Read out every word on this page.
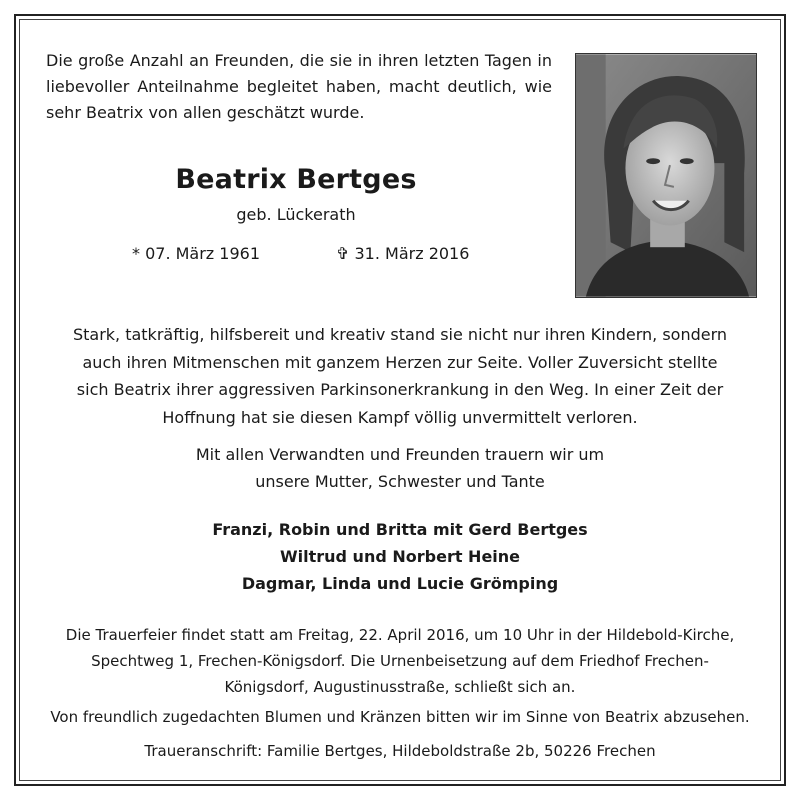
Die große Anzahl an Freunden, die sie in ihren letzten Tagen in liebevoller Anteilnahme begleitet haben, macht deutlich, wie sehr Beatrix von allen geschätzt wurde.

Beatrix Bertges

geb. Lückerath

* 07. März 1961	✞ 31. März 2016

Stark, tatkräftig, hilfsbereit und kreativ stand sie nicht nur ihren Kindern, sondern
auch ihren Mitmenschen mit ganzem Herzen zur Seite. Voller Zuversicht stellte
sich Beatrix ihrer aggressiven Parkinsonerkrankung in den Weg. In einer Zeit der
Hoffnung hat sie diesen Kampf völlig unvermittelt verloren.

Mit allen Verwandten und Freunden trauern wir um
unsere Mutter, Schwester und Tante

Franzi, Robin und Britta mit Gerd Bertges
Wiltrud und Norbert Heine
Dagmar, Linda und Lucie Grömping

Die Trauerfeier findet statt am Freitag, 22. April 2016, um 10 Uhr in der Hildebold-Kirche,
Spechtweg 1, Frechen-Königsdorf. Die Urnenbeisetzung auf dem Friedhof Frechen-
Königsdorf, Augustinusstraße, schließt sich an.

Von freundlich zugedachten Blumen und Kränzen bitten wir im Sinne von Beatrix abzusehen.

Traueranschrift: Familie Bertges, Hildeboldstraße 2b, 50226 Frechen
